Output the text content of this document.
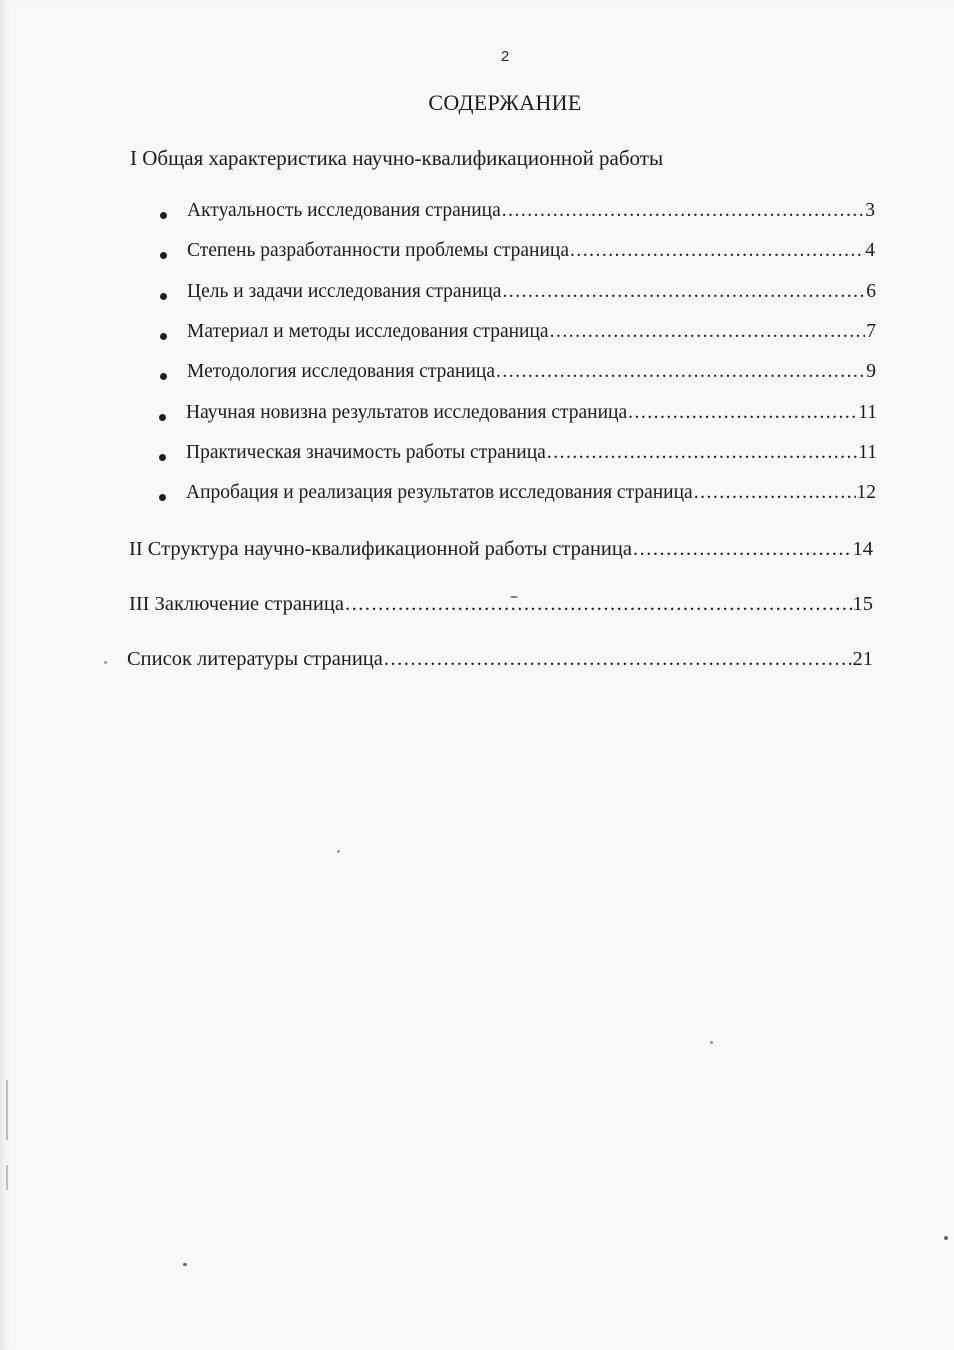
2
СОДЕРЖАНИЕ
I Общая характеристика научно-квалификационной работы
Актуальность исследования страница .....	3
Степень разработанности проблемы страница .....	4
Цель и задачи исследования страница .....	6
Материал и методы исследования страница .....	7
Методология исследования страница .....	9
Научная новизна результатов исследования страница .....	11
Практическая значимость работы страница .....	11
Апробация и реализация результатов исследования страница .....	12
II Структура научно-квалификационной работы страница .....	14
III Заключение страница .....	15
Список литературы страница .....	21
